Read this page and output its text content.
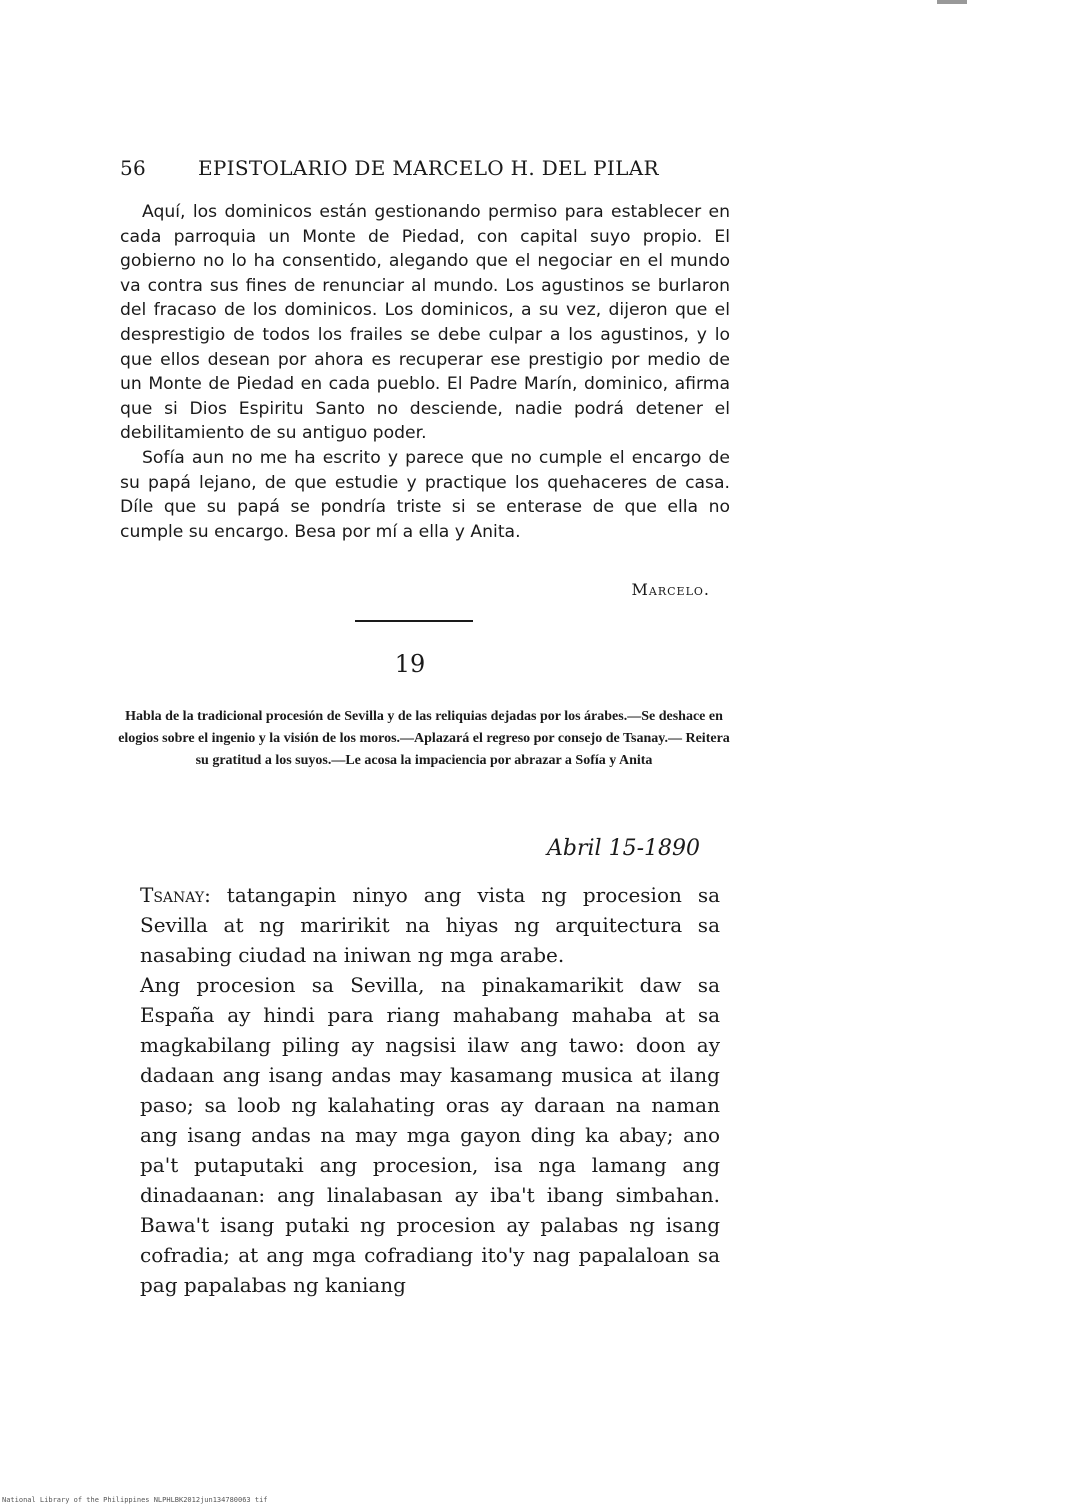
56	EPISTOLARIO DE MARCELO H. DEL PILAR

Aquí, los dominicos están gestionando permiso para establecer en cada parroquia un Monte de Piedad, con capital suyo propio. El gobierno no lo ha consentido, alegando que el negociar en el mundo va contra sus fines de renunciar al mundo. Los agustinos se burlaron del fracaso de los dominicos. Los dominicos, a su vez, dijeron que el desprestigio de todos los frailes se debe culpar a los agustinos, y lo que ellos desean por ahora es recuperar ese prestigio por medio de un Monte de Piedad en cada pueblo. El Padre Marín, dominico, afirma que si Dios Espiritu Santo no desciende, nadie podrá detener el debilitamiento de su antiguo poder.

Sofía aun no me ha escrito y parece que no cumple el encargo de su papá lejano, de que estudie y practique los quehaceres de casa. Díle que su papá se pondría triste si se enterase de que ella no cumple su encargo. Besa por mí a ella y Anita.

Marcelo.
19
Habla de la tradicional procesión de Sevilla y de las reliquias dejadas por los árabes.—Se deshace en elogios sobre el ingenio y la visión de los moros.—Aplazará el regreso por consejo de Tsanay.— Reitera su gratitud a los suyos.—Le acosa la impaciencia por abrazar a Sofía y Anita
Abril 15-1890

Tsanay: tatangapin ninyo ang vista ng procesion sa Sevilla at ng maririkit na hiyas ng arquitectura sa nasabing ciudad na iniwan ng mga arabe.

Ang procesion sa Sevilla, na pinakamarikit daw sa España ay hindi para riang mahabang mahaba at sa magkabilang piling ay nagsisi ilaw ang tawo: doon ay dadaan ang isang andas may kasamang musica at ilang paso; sa loob ng kalahating oras ay daraan na naman ang isang andas na may mga gayon ding ka abay; ano pa't putaputaki ang procesion, isa nga lamang ang dinadaanan: ang linalabasan ay iba't ibang simbahan. Bawa't isang putaki ng procesion ay palabas ng isang cofradia; at ang mga cofradiang ito'y nag papalaloan sa pag papalabas ng kaniang

National Library of the Philippines NLPHLBK2012jun134780063 tif
